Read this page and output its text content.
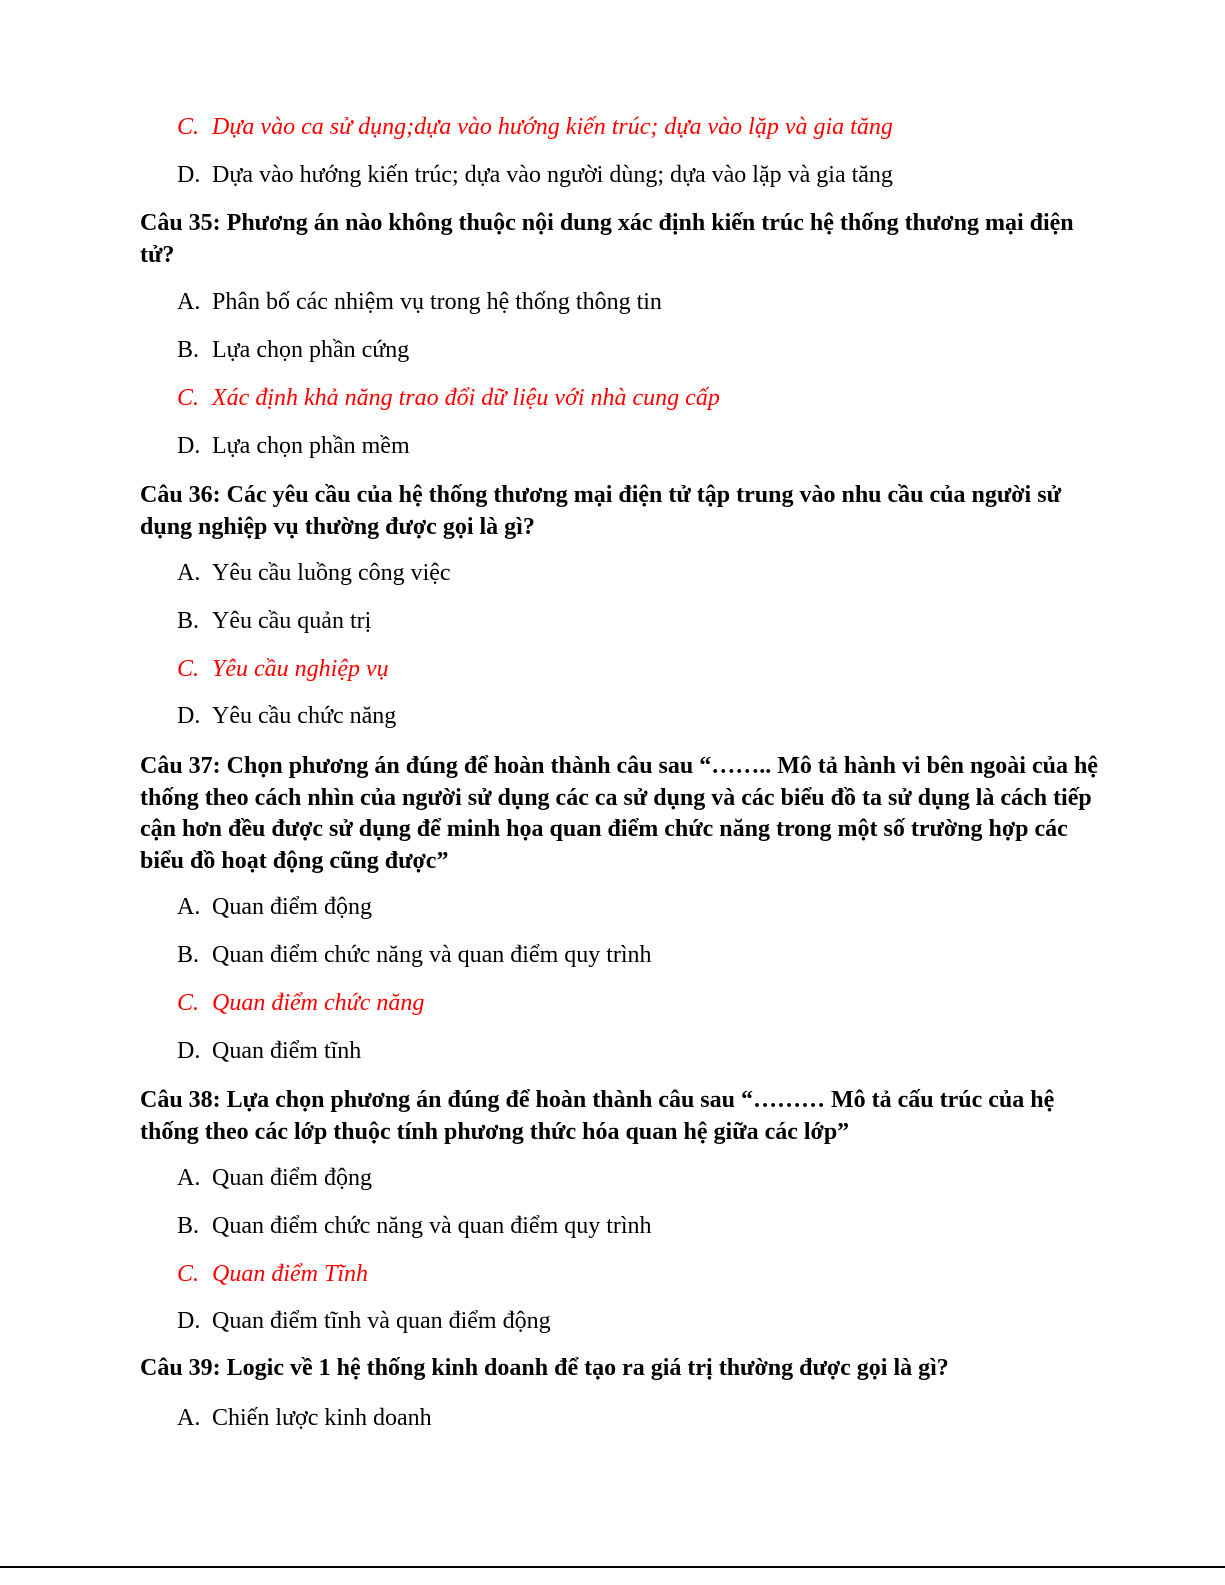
C. Dựa vào ca sử dụng;dựa vào hướng kiến trúc; dựa vào lặp và gia tăng
D. Dựa vào hướng kiến trúc; dựa vào người dùng; dựa vào lặp và gia tăng
Câu 35: Phương án nào không thuộc nội dung xác định kiến trúc hệ thống thương mại điện tử?
A. Phân bố các nhiệm vụ trong hệ thống thông tin
B. Lựa chọn phần cứng
C. Xác định khả năng trao đổi dữ liệu với nhà cung cấp
D. Lựa chọn phần mềm
Câu 36: Các yêu cầu của hệ thống thương mại điện tử tập trung vào nhu cầu của người sử dụng nghiệp vụ thường được gọi là gì?
A. Yêu cầu luồng công việc
B. Yêu cầu quản trị
C. Yêu cầu nghiệp vụ
D. Yêu cầu chức năng
Câu 37: Chọn phương án đúng để hoàn thành câu sau “…….. Mô tả hành vi bên ngoài của hệ thống theo cách nhìn của người sử dụng các ca sử dụng và các biểu đồ ta sử dụng là cách tiếp cận hơn đều được sử dụng để minh họa quan điểm chức năng trong một số trường hợp các biểu đồ hoạt động cũng được”
A. Quan điểm động
B. Quan điểm chức năng và quan điểm quy trình
C. Quan điểm chức năng
D. Quan điểm tĩnh
Câu 38: Lựa chọn phương án đúng để hoàn thành câu sau “……… Mô tả cấu trúc của hệ thống theo các lớp thuộc tính phương thức hóa quan hệ giữa các lớp”
A. Quan điểm động
B. Quan điểm chức năng và quan điểm quy trình
C. Quan điểm Tĩnh
D. Quan điểm tĩnh và quan điểm động
Câu 39: Logic về 1 hệ thống kinh doanh để tạo ra giá trị thường được gọi là gì?
A. Chiến lược kinh doanh
